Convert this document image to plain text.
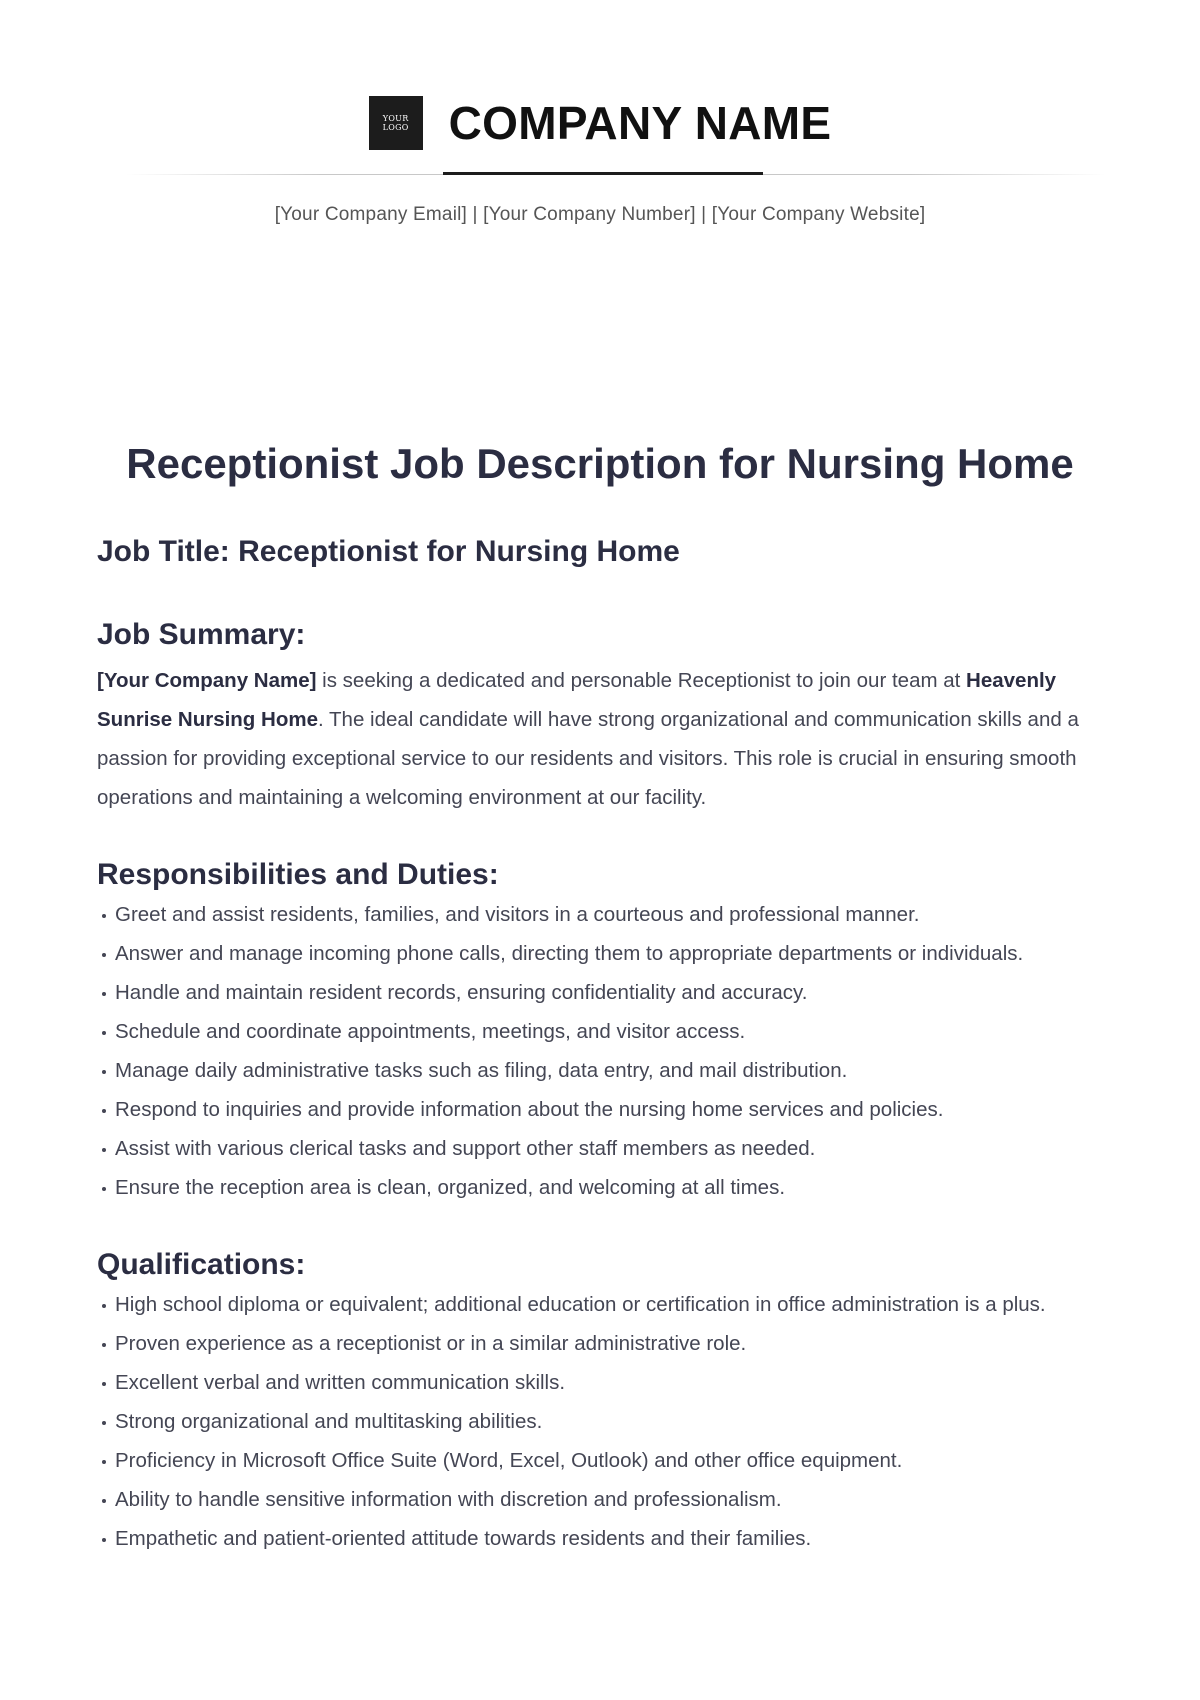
YOUR
LOGO COMPANY NAME
[Your Company Email] | [Your Company Number] | [Your Company Website]
Receptionist Job Description for Nursing Home
Job Title: Receptionist for Nursing Home
Job Summary:

[Your Company Name] is seeking a dedicated and personable Receptionist to join our team at Heavenly Sunrise Nursing Home. The ideal candidate will have strong organizational and communication skills and a passion for providing exceptional service to our residents and visitors. This role is crucial in ensuring smooth operations and maintaining a welcoming environment at our facility.

Responsibilities and Duties:
Greet and assist residents, families, and visitors in a courteous and professional manner.
Answer and manage incoming phone calls, directing them to appropriate departments or individuals.
Handle and maintain resident records, ensuring confidentiality and accuracy.
Schedule and coordinate appointments, meetings, and visitor access.
Manage daily administrative tasks such as filing, data entry, and mail distribution.
Respond to inquiries and provide information about the nursing home services and policies.
Assist with various clerical tasks and support other staff members as needed.
Ensure the reception area is clean, organized, and welcoming at all times.
Qualifications:
High school diploma or equivalent; additional education or certification in office administration is a plus.
Proven experience as a receptionist or in a similar administrative role.
Excellent verbal and written communication skills.
Strong organizational and multitasking abilities.
Proficiency in Microsoft Office Suite (Word, Excel, Outlook) and other office equipment.
Ability to handle sensitive information with discretion and professionalism.
Empathetic and patient-oriented attitude towards residents and their families.
